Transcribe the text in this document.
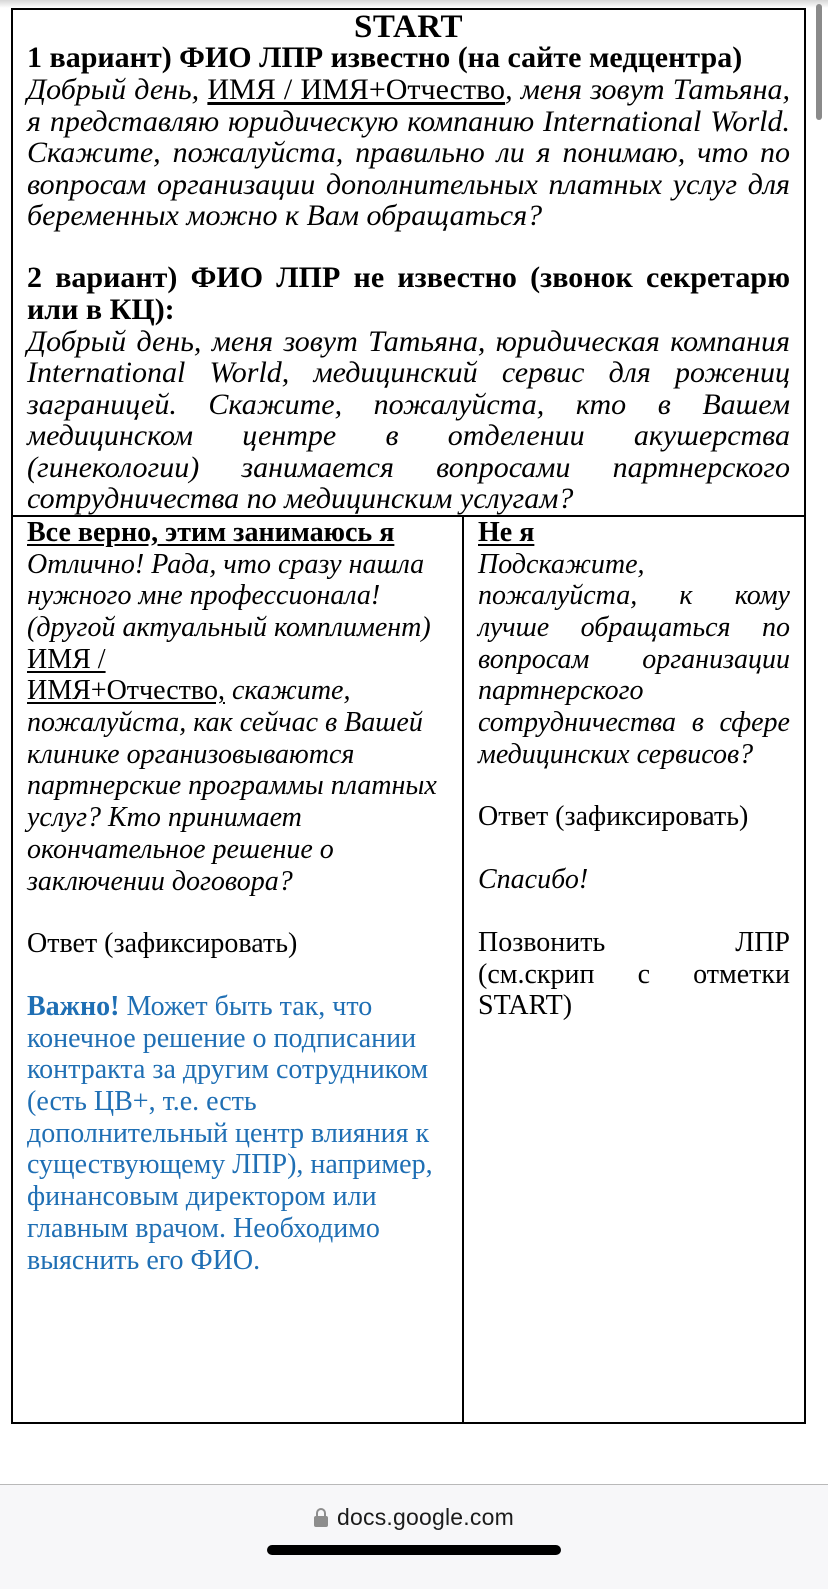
START
1 вариант) ФИО ЛПР известно (на сайте медцентра)
Добрый день, ИМЯ / ИМЯ+Отчество, меня зовут Татьяна, я представляю юридическую компанию International World. Скажите, пожалуйста, правильно ли я понимаю, что по вопросам организации дополнительных платных услуг для беременных можно к Вам обращаться?
2 вариант) ФИО ЛПР не известно (звонок секретарю или в КЦ):
Добрый день, меня зовут Татьяна, юридическая компания International World, медицинский сервис для рожениц заграницей. Скажите, пожалуйста, кто в Вашем медицинском центре в отделении акушерства (гинекологии) занимается вопросами партнерского сотрудничества по медицинским услугам?

Все верно, этим занимаюсь я
Отлично! Рада, что сразу нашла нужного мне профессионала! (другой актуальный комплимент)
ИМЯ /
ИМЯ+Отчество, скажите, пожалуйста, как сейчас в Вашей клинике организовываются партнерские программы платных услуг? Кто принимает окончательное решение о заключении договора?
Ответ (зафиксировать)
Важно! Может быть так, что конечное решение о подписании контракта за другим сотрудником (есть ЦВ+, т.е. есть дополнительный центр влияния к существующему ЛПР), например, финансовым директором или главным врачом. Необходимо выяснить его ФИО.

Не я
Подскажите, пожалуйста, к кому лучше обращаться по вопросам организации партнерского сотрудничества в сфере медицинских сервисов?
Ответ (зафиксировать)
Спасибо!
Позвонить ЛПР (см.скрип с отметки START)
docs.google.com
